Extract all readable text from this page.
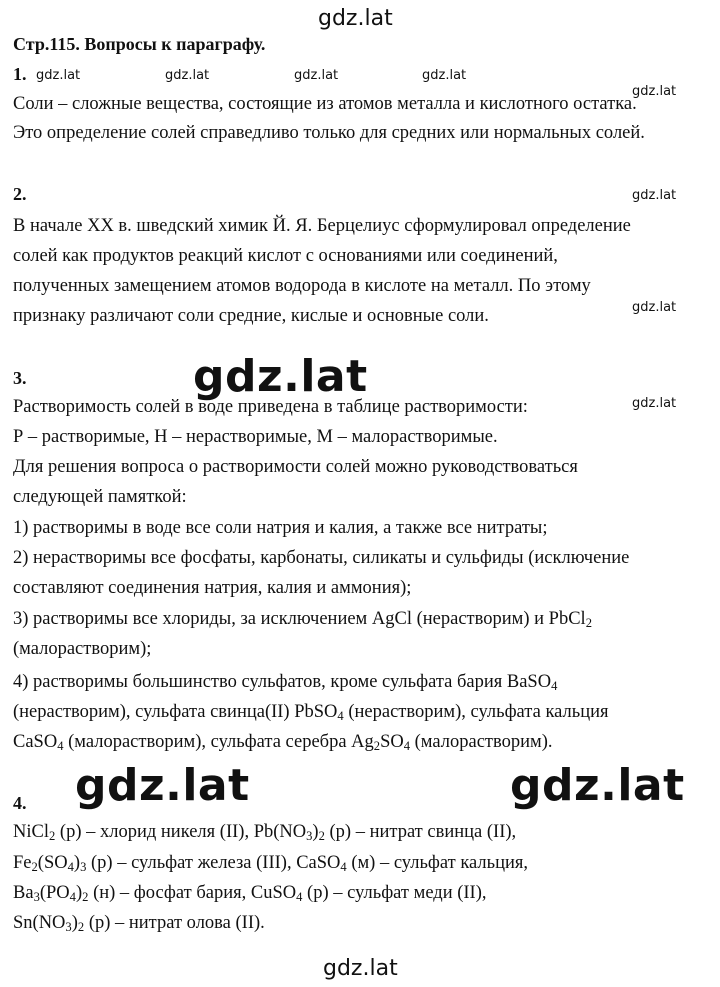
gdz.lat
gdz.lat	gdz.lat	gdz.lat	gdz.lat
gdz.lat
gdz.lat
gdz.lat
gdz.lat
gdz.lat
gdz.lat	gdz.lat
gdz.lat
Стр.115. Вопросы к параграфу.
1.
Соли – сложные вещества, состоящие из атомов металла и кислотного остатка.
Это определение солей справедливо только для средних или нормальных солей.
2.
В начале XX в. шведский химик Й. Я. Берцелиус сформулировал определение
солей как продуктов реакций кислот с основаниями или соединений,
полученных замещением атомов водорода в кислоте на металл. По этому
признаку различают соли средние, кислые и основные соли.
3.
Растворимость солей в воде приведена в таблице растворимости:
Р – растворимые, Н – нерастворимые, М – малорастворимые.
Для решения вопроса о растворимости солей можно руководствоваться
следующей памяткой:
1) растворимы в воде все соли натрия и калия, а также все нитраты;
2) нерастворимы все фосфаты, карбонаты, силикаты и сульфиды (исключение
составляют соединения натрия, калия и аммония);
3) растворимы все хлориды, за исключением AgCl (нерастворим) и PbCl$_2$
(малорастворим);
4) растворимы большинство сульфатов, кроме сульфата бария BaSO$_4$
(нерастворим), сульфата свинца(II) PbSO$_4$ (нерастворим), сульфата кальция
CaSO$_4$ (малорастворим), сульфата серебра $Ag_2SO_4$ (малорастворим).
4.
NiCl$_2$ (р) – хлорид никеля (II), $Pb(NO_3)_2$ (р) – нитрат свинца (II),
$Fe_2(SO_4)_3$ (р) – сульфат железа (III), CaSO$_4$ (м) – сульфат кальция,
$Ba_3(PO_4)_2$ (н) – фосфат бария, CuSO$_4$ (р) – сульфат меди (II),
$Sn(NO_3)_2$ (р) – нитрат олова (II).
